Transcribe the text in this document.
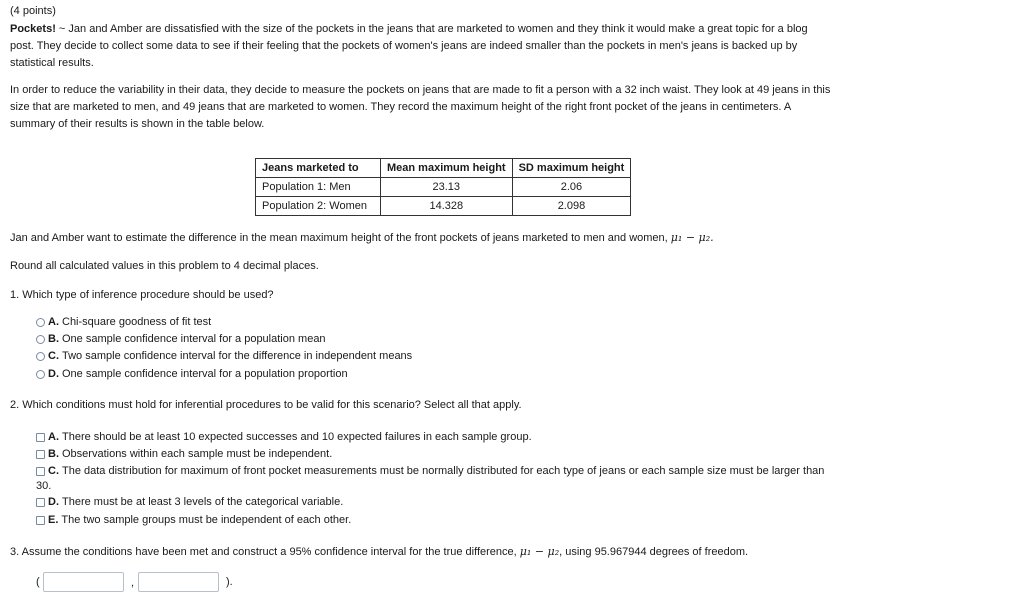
(4 points)
Pockets! ~ Jan and Amber are dissatisfied with the size of the pockets in the jeans that are marketed to women and they think it would make a great topic for a blog
post. They decide to collect some data to see if their feeling that the pockets of women's jeans are indeed smaller than the pockets in men's jeans is backed up by
statistical results.
In order to reduce the variability in their data, they decide to measure the pockets on jeans that are made to fit a person with a 32 inch waist. They look at 49 jeans in this
size that are marketed to men, and 49 jeans that are marketed to women. They record the maximum height of the right front pocket of the jeans in centimeters. A
summary of their results is shown in the table below.
Jeans marketed to	Mean maximum height	SD maximum height
Population 1: Men	23.13	2.06
Population 2: Women	14.328	2.098
Jan and Amber want to estimate the difference in the mean maximum height of the front pockets of jeans marketed to men and women, μ₁ − μ₂.
Round all calculated values in this problem to 4 decimal places.
1. Which type of inference procedure should be used?
A. Chi-square goodness of fit test
B. One sample confidence interval for a population mean
C. Two sample confidence interval for the difference in independent means
D. One sample confidence interval for a population proportion
2. Which conditions must hold for inferential procedures to be valid for this scenario? Select all that apply.
A. There should be at least 10 expected successes and 10 expected failures in each sample group.
B. Observations within each sample must be independent.
C. The data distribution for maximum of front pocket measurements must be normally distributed for each type of jeans or each sample size must be larger than
30.
D. There must be at least 3 levels of the categorical variable.
E. The two sample groups must be independent of each other.
3. Assume the conditions have been met and construct a 95% confidence interval for the true difference, μ₁ − μ₂, using 95.967944 degrees of freedom.
(	,	).
